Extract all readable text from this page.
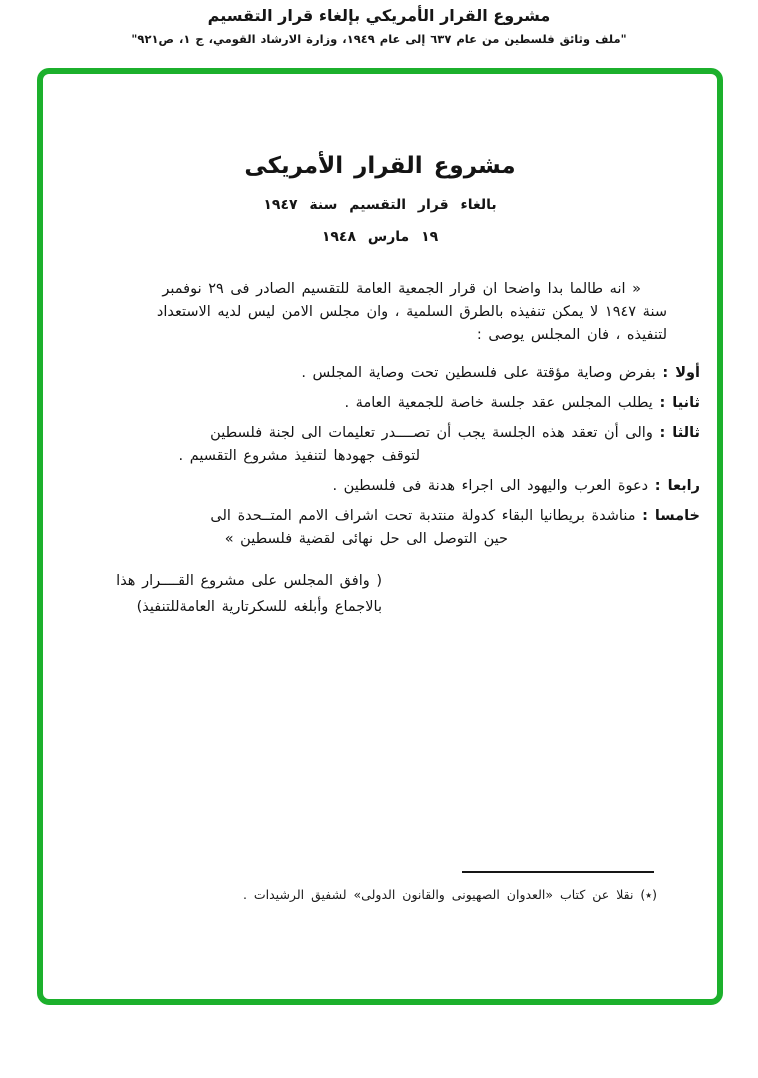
مشروع القرار الأمريكي بإلغاء قرار التقسيم
"ملف وثائق فلسطين من عام ٦٣٧ إلى عام ١٩٤٩، وزارة الارشاد القومي، ج ١، ص٩٢١"
مشروع القرار الأمريكى
بالغاء قرار التقسيم سنة ١٩٤٧
١٩ مارس ١٩٤٨
« انه طالما بدا واضحا ان قرار الجمعية العامة للتقسيم الصادر فى ٢٩ نوفمبر
سنة ١٩٤٧ لا يمكن تنفيذه بالطرق السلمية ، وان مجلس الامن ليس لديه الاستعداد
لتنفيذه ، فان المجلس يوصى :
أولا : بفرض وصاية مؤقتة على فلسطين تحت وصاية المجلس .
ثانيا : يطلب المجلس عقد جلسة خاصة للجمعية العامة .
ثالثا : والى أن تعقد هذه الجلسة يجب أن تصــــدر تعليمات الى لجنة فلسطين
لتوقف جهودها لتنفيذ مشروع التقسيم .
رابعا : دعوة العرب واليهود الى اجراء هدنة فى فلسطين .
خامسا : مناشدة بريطانيا البقاء كدولة منتدبة تحت اشراف الامم المتــحدة الى
حين التوصل الى حل نهائى لقضية فلسطين »
( وافق المجلس على مشروع القــــرار هذا
بالاجماع وأبلغه للسكرتارية العامةللتنفيذ)
(٭) نقلا عن كتاب «العدوان الصهيونى والقانون الدولى» لشفيق الرشيدات .
